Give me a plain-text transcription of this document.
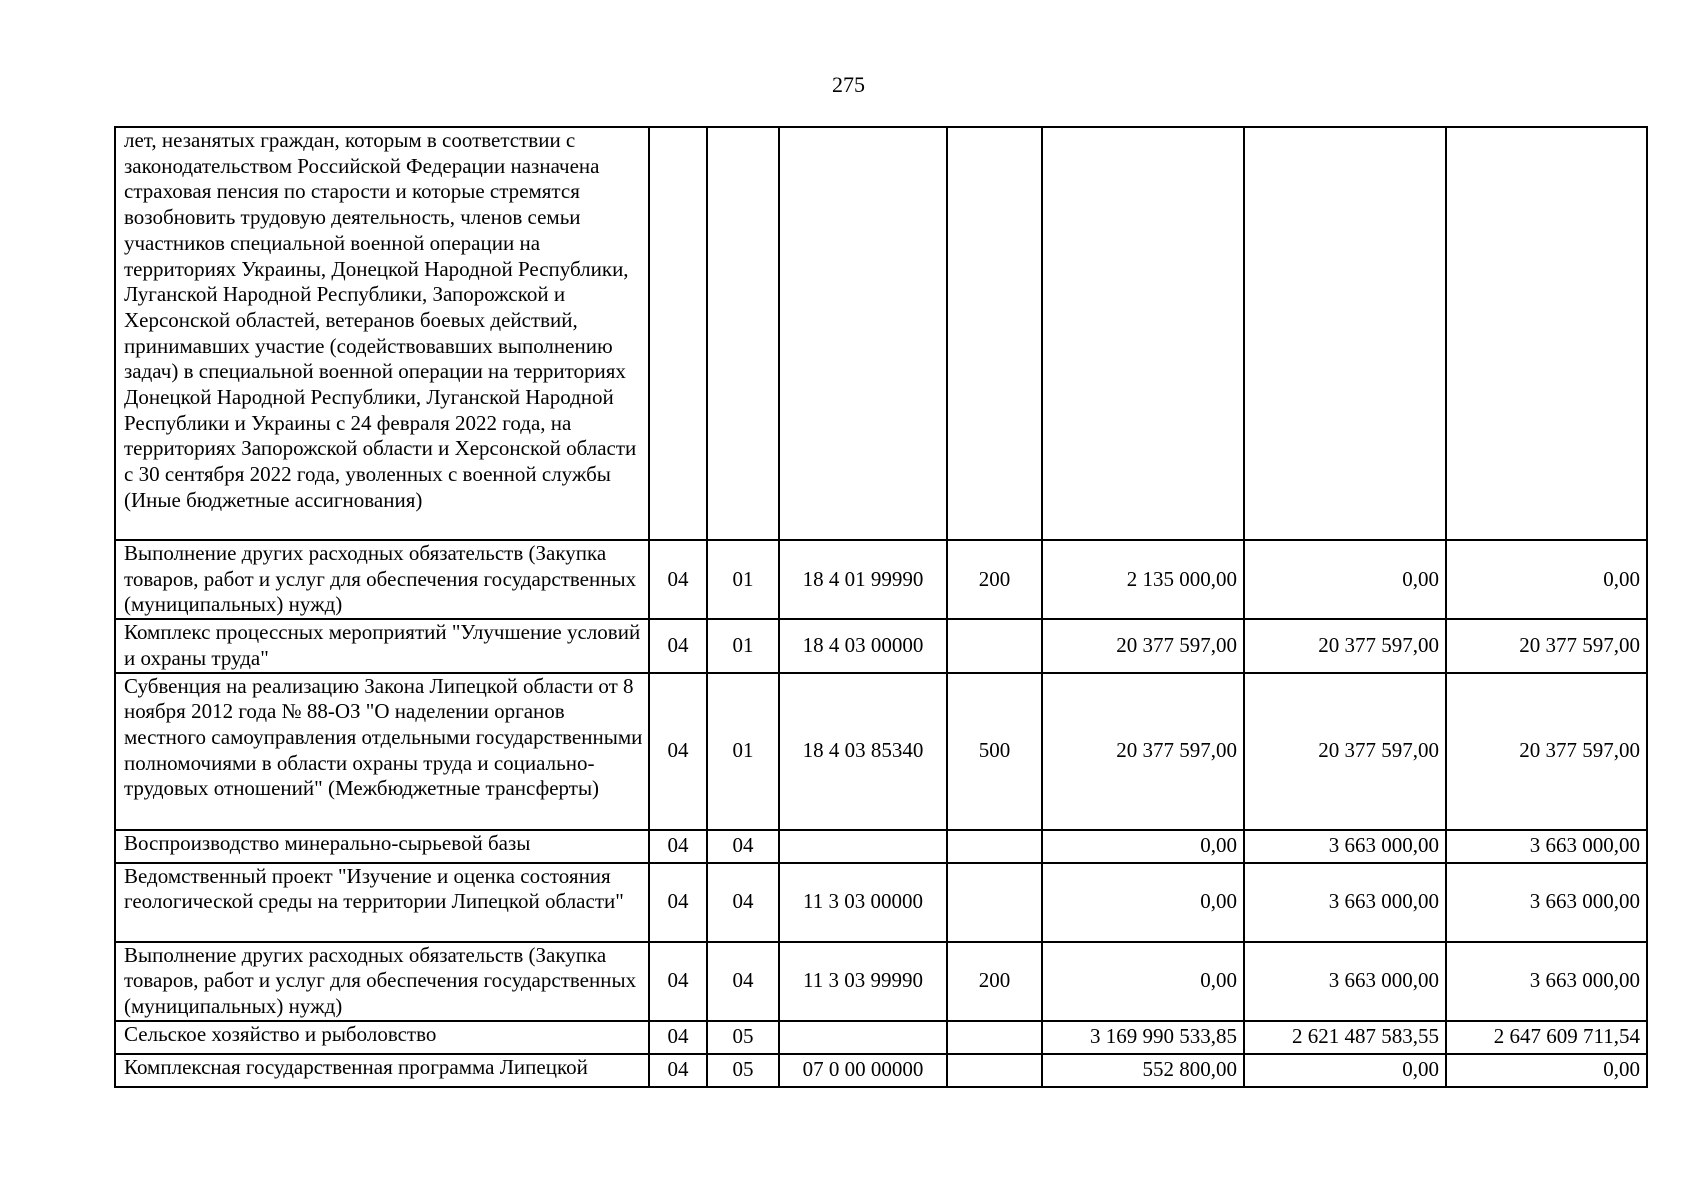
275
лет, незанятых граждан, которым в соответствии с законодательством Российской Федерации назначена страховая пенсия по старости и которые стремятся возобновить трудовую деятельность, членов семьи участников специальной военной операции на территориях Украины, Донецкой Народной Республики, Луганской Народной Республики, Запорожской и Херсонской областей, ветеранов боевых действий, принимавших участие (содействовавших выполнению задач) в специальной военной операции на территориях Донецкой Народной Республики, Луганской Народной Республики и Украины с 24 февраля 2022 года, на территориях Запорожской области и Херсонской области с 30 сентября 2022 года, уволенных с военной службы (Иные бюджетные ассигнования)							
Выполнение других расходных обязательств (Закупка товаров, работ и услуг для обеспечения государственных (муниципальных) нужд)	04	01	18 4 01 99990	200	2 135 000,00	0,00	0,00
Комплекс процессных мероприятий "Улучшение условий и охраны труда"	04	01	18 4 03 00000		20 377 597,00	20 377 597,00	20 377 597,00
Субвенция на реализацию Закона Липецкой области от 8 ноября 2012 года № 88-ОЗ "О наделении органов местного самоуправления отдельными государственными полномочиями в области охраны труда и социально-трудовых отношений" (Межбюджетные трансферты)	04	01	18 4 03 85340	500	20 377 597,00	20 377 597,00	20 377 597,00
Воспроизводство минерально-сырьевой базы	04	04			0,00	3 663 000,00	3 663 000,00
Ведомственный проект "Изучение и оценка состояния геологической среды на территории Липецкой области"	04	04	11 3 03 00000		0,00	3 663 000,00	3 663 000,00
Выполнение других расходных обязательств (Закупка товаров, работ и услуг для обеспечения государственных (муниципальных) нужд)	04	04	11 3 03 99990	200	0,00	3 663 000,00	3 663 000,00
Сельское хозяйство и рыболовство	04	05			3 169 990 533,85	2 621 487 583,55	2 647 609 711,54
Комплексная государственная программа Липецкой	04	05	07 0 00 00000		552 800,00	0,00	0,00
